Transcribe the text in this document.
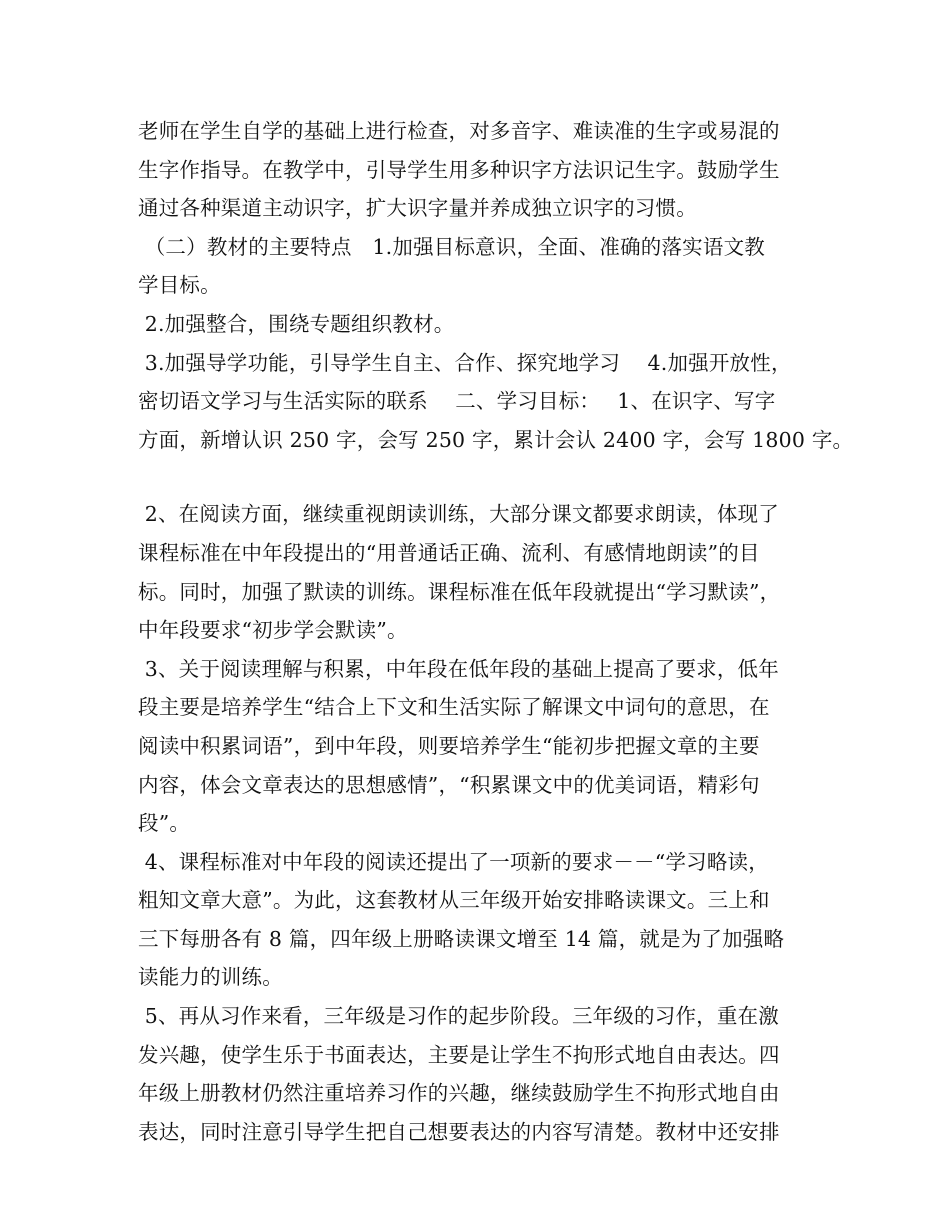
老师在学生自学的基础上进行检查，对多音字、难读准的生字或易混的
生字作指导。在教学中，引导学生用多种识字方法识记生字。鼓励学生
通过各种渠道主动识字，扩大识字量并养成独立识字的习惯。
（二）教材的主要特点　1.加强目标意识，全面、准确的落实语文教
学目标。
2.加强整合，围绕专题组织教材。
3.加强导学功能，引导学生自主、合作、探究地学习　 4.加强开放性，
密切语文学习与生活实际的联系　 二、学习目标：　 1、在识字、写字
方面，新增认识 250 字，会写 250 字，累计会认 2400 字，会写 1800 字。
2、在阅读方面，继续重视朗读训练，大部分课文都要求朗读，体现了
课程标准在中年段提出的“用普通话正确、流利、有感情地朗读”的目
标。同时，加强了默读的训练。课程标准在低年段就提出“学习默读”，
中年段要求“初步学会默读”。
3、关于阅读理解与积累，中年段在低年段的基础上提高了要求，低年
段主要是培养学生“结合上下文和生活实际了解课文中词句的意思，在
阅读中积累词语”，到中年段，则要培养学生“能初步把握文章的主要
内容，体会文章表达的思想感情”，“积累课文中的优美词语，精彩句
段”。
4、课程标准对中年段的阅读还提出了一项新的要求－－“学习略读，
粗知文章大意”。为此，这套教材从三年级开始安排略读课文。三上和
三下每册各有 8 篇，四年级上册略读课文增至 14 篇，就是为了加强略
读能力的训练。
5、再从习作来看，三年级是习作的起步阶段。三年级的习作，重在激
发兴趣，使学生乐于书面表达，主要是让学生不拘形式地自由表达。四
年级上册教材仍然注重培养习作的兴趣，继续鼓励学生不拘形式地自由
表达，同时注意引导学生把自己想要表达的内容写清楚。教材中还安排
